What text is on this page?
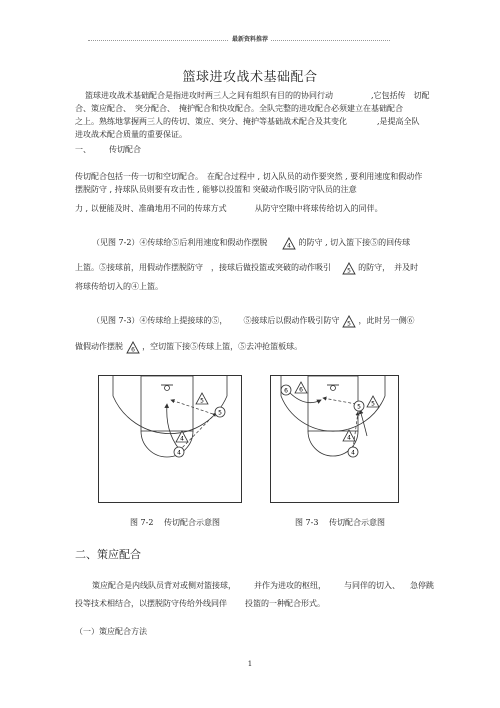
最新资料推荐
篮球进攻战术基础配合
篮球进攻战术基础配合是指进攻时两三人之间有组织有目的的协同行动	,它包括传　切配
合、策应配合、　突分配合、　掩护配合和快攻配合。全队完整的进攻配合必须建立在基础配合
之上。熟练地掌握两三人的传切、策应、突分、掩护等基础战术配合及其变化	,是提高全队
进攻战术配合质量的重要保证。
一、 传切配合
传切配合包括一传一切和空切配合。　在配合过程中 , 切入队员的动作要突然 , 要利用速度和假动作
摆脱防守 , 持球队员则要有攻击性 , 能够以投篮和 突破动作吸引防守队员的注意
力 , 以便能及时、准确地用不同的传球方式	从防守空隙中将球传给切入的同伴。
（见图 7-2）④传球给⑤后利用速度和假动作摆脱	4 的防守 , 切入篮下接⑤的回传球
上篮。⑤接球前，用假动作摆脱防守　，接球后做投篮或突破的动作吸引	5 的防守，　并及时
将球传给切入的④上篮。
（见图 7-3）④传球给上提接球的⑤， ⑤接球后以假动作吸引防守 5 ，此时另一侧⑥
做假动作摆脱 6 ，空切篮下接⑤传球上篮，⑤去冲抢篮板球。
5
4
5
4
6
5
4
6
5
4
图 7-2　 传切配合示意图	图 7-3　 传切配合示意图
二、策应配合
策应配合是内线队员背对或侧对篮接球， 并作为进攻的枢纽， 与同伴的切入、 急停跳
投等技术相结合，以摆脱防守传给外线同伴 投篮的一种配合形式。
（一）策应配合方法
1
